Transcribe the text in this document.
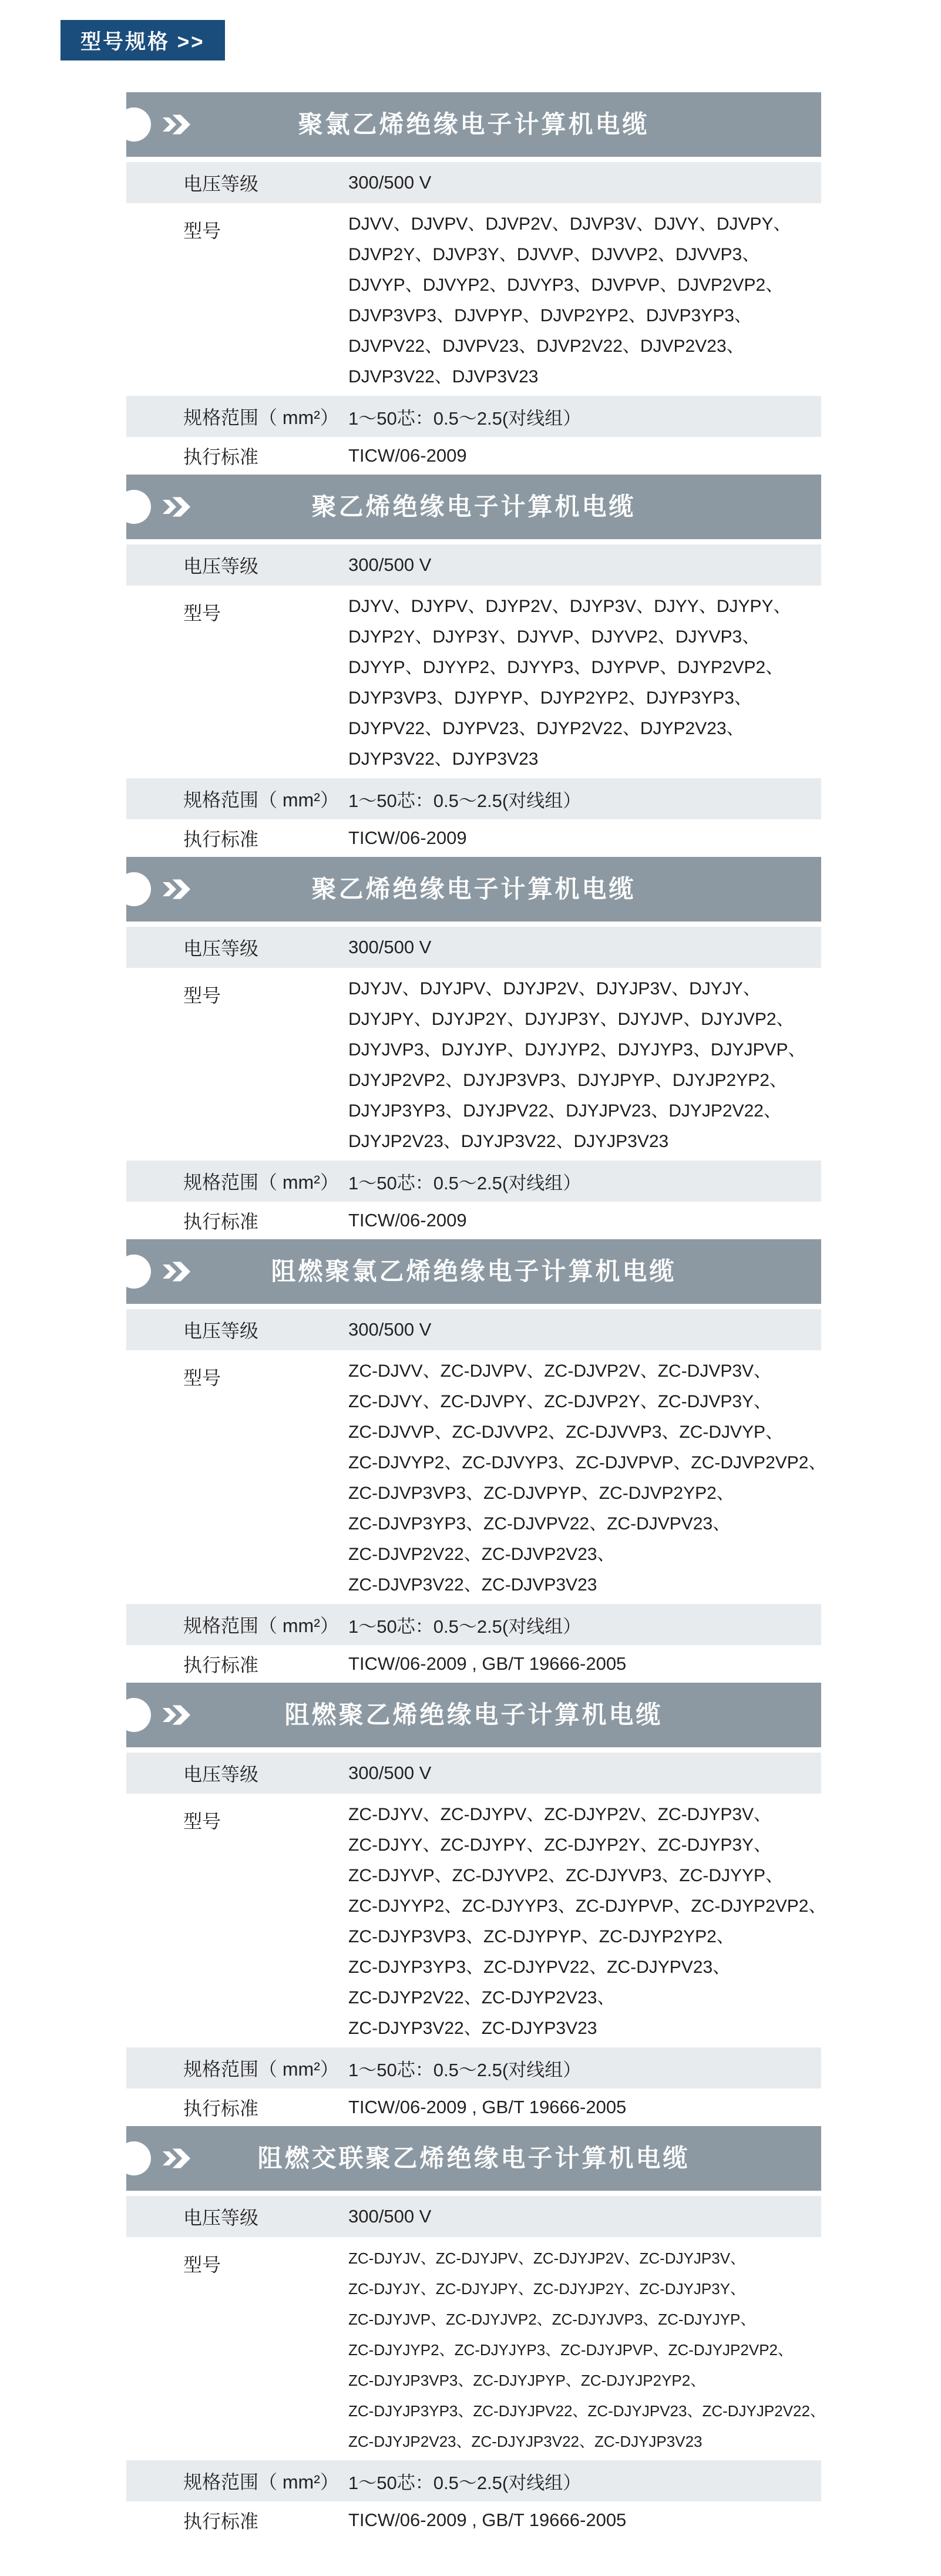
型号规格 >>
聚氯乙烯绝缘电子计算机电缆
电压等级	300/500 V
型号	DJVV、DJVPV、DJVP2V、DJVP3V、DJVY、DJVPY、
DJVP2Y、DJVP3Y、DJVVP、DJVVP2、DJVVP3、
DJVYP、DJVYP2、DJVYP3、DJVPVP、DJVP2VP2、
DJVP3VP3、DJVPYP、DJVP2YP2、DJVP3YP3、
DJVPV22、DJVPV23、DJVP2V22、DJVP2V23、
DJVP3V22、DJVP3V23
规格范围（ mm²） 1～50芯：0.5～2.5(对线组）
执行标准	TICW/06-2009
聚乙烯绝缘电子计算机电缆
电压等级	300/500 V
型号	DJYV、DJYPV、DJYP2V、DJYP3V、DJYY、DJYPY、
DJYP2Y、DJYP3Y、DJYVP、DJYVP2、DJYVP3、
DJYYP、DJYYP2、DJYYP3、DJYPVP、DJYP2VP2、
DJYP3VP3、DJYPYP、DJYP2YP2、DJYP3YP3、
DJYPV22、DJYPV23、DJYP2V22、DJYP2V23、
DJYP3V22、DJYP3V23
规格范围（ mm²） 1～50芯：0.5～2.5(对线组）
执行标准	TICW/06-2009
聚乙烯绝缘电子计算机电缆
电压等级	300/500 V
型号	DJYJV、DJYJPV、DJYJP2V、DJYJP3V、DJYJY、
DJYJPY、DJYJP2Y、DJYJP3Y、DJYJVP、DJYJVP2、
DJYJVP3、DJYJYP、DJYJYP2、DJYJYP3、DJYJPVP、
DJYJP2VP2、DJYJP3VP3、DJYJPYP、DJYJP2YP2、
DJYJP3YP3、DJYJPV22、DJYJPV23、DJYJP2V22、
DJYJP2V23、DJYJP3V22、DJYJP3V23
规格范围（ mm²） 1～50芯：0.5～2.5(对线组）
执行标准	TICW/06-2009
阻燃聚氯乙烯绝缘电子计算机电缆
电压等级	300/500 V
型号	ZC-DJVV、ZC-DJVPV、ZC-DJVP2V、ZC-DJVP3V、
ZC-DJVY、ZC-DJVPY、ZC-DJVP2Y、ZC-DJVP3Y、
ZC-DJVVP、ZC-DJVVP2、ZC-DJVVP3、ZC-DJVYP、
ZC-DJVYP2、ZC-DJVYP3、ZC-DJVPVP、ZC-DJVP2VP2、
ZC-DJVP3VP3、ZC-DJVPYP、ZC-DJVP2YP2、
ZC-DJVP3YP3、ZC-DJVPV22、ZC-DJVPV23、
ZC-DJVP2V22、ZC-DJVP2V23、
ZC-DJVP3V22、ZC-DJVP3V23
规格范围（ mm²） 1～50芯：0.5～2.5(对线组）
执行标准	TICW/06-2009 , GB/T 19666-2005
阻燃聚乙烯绝缘电子计算机电缆
电压等级	300/500 V
型号	ZC-DJYV、ZC-DJYPV、ZC-DJYP2V、ZC-DJYP3V、
ZC-DJYY、ZC-DJYPY、ZC-DJYP2Y、ZC-DJYP3Y、
ZC-DJYVP、ZC-DJYVP2、ZC-DJYVP3、ZC-DJYYP、
ZC-DJYYP2、ZC-DJYYP3、ZC-DJYPVP、ZC-DJYP2VP2、
ZC-DJYP3VP3、ZC-DJYPYP、ZC-DJYP2YP2、
ZC-DJYP3YP3、ZC-DJYPV22、ZC-DJYPV23、
ZC-DJYP2V22、ZC-DJYP2V23、
ZC-DJYP3V22、ZC-DJYP3V23
规格范围（ mm²） 1～50芯：0.5～2.5(对线组）
执行标准	TICW/06-2009 , GB/T 19666-2005
阻燃交联聚乙烯绝缘电子计算机电缆
电压等级	300/500 V
型号	ZC-DJYJV、ZC-DJYJPV、ZC-DJYJP2V、ZC-DJYJP3V、
ZC-DJYJY、ZC-DJYJPY、ZC-DJYJP2Y、ZC-DJYJP3Y、
ZC-DJYJVP、ZC-DJYJVP2、ZC-DJYJVP3、ZC-DJYJYP、
ZC-DJYJYP2、ZC-DJYJYP3、ZC-DJYJPVP、ZC-DJYJP2VP2、
ZC-DJYJP3VP3、ZC-DJYJPYP、ZC-DJYJP2YP2、
ZC-DJYJP3YP3、ZC-DJYJPV22、ZC-DJYJPV23、ZC-DJYJP2V22、
ZC-DJYJP2V23、ZC-DJYJP3V22、ZC-DJYJP3V23
规格范围（ mm²） 1～50芯：0.5～2.5(对线组）
执行标准	TICW/06-2009 , GB/T 19666-2005
